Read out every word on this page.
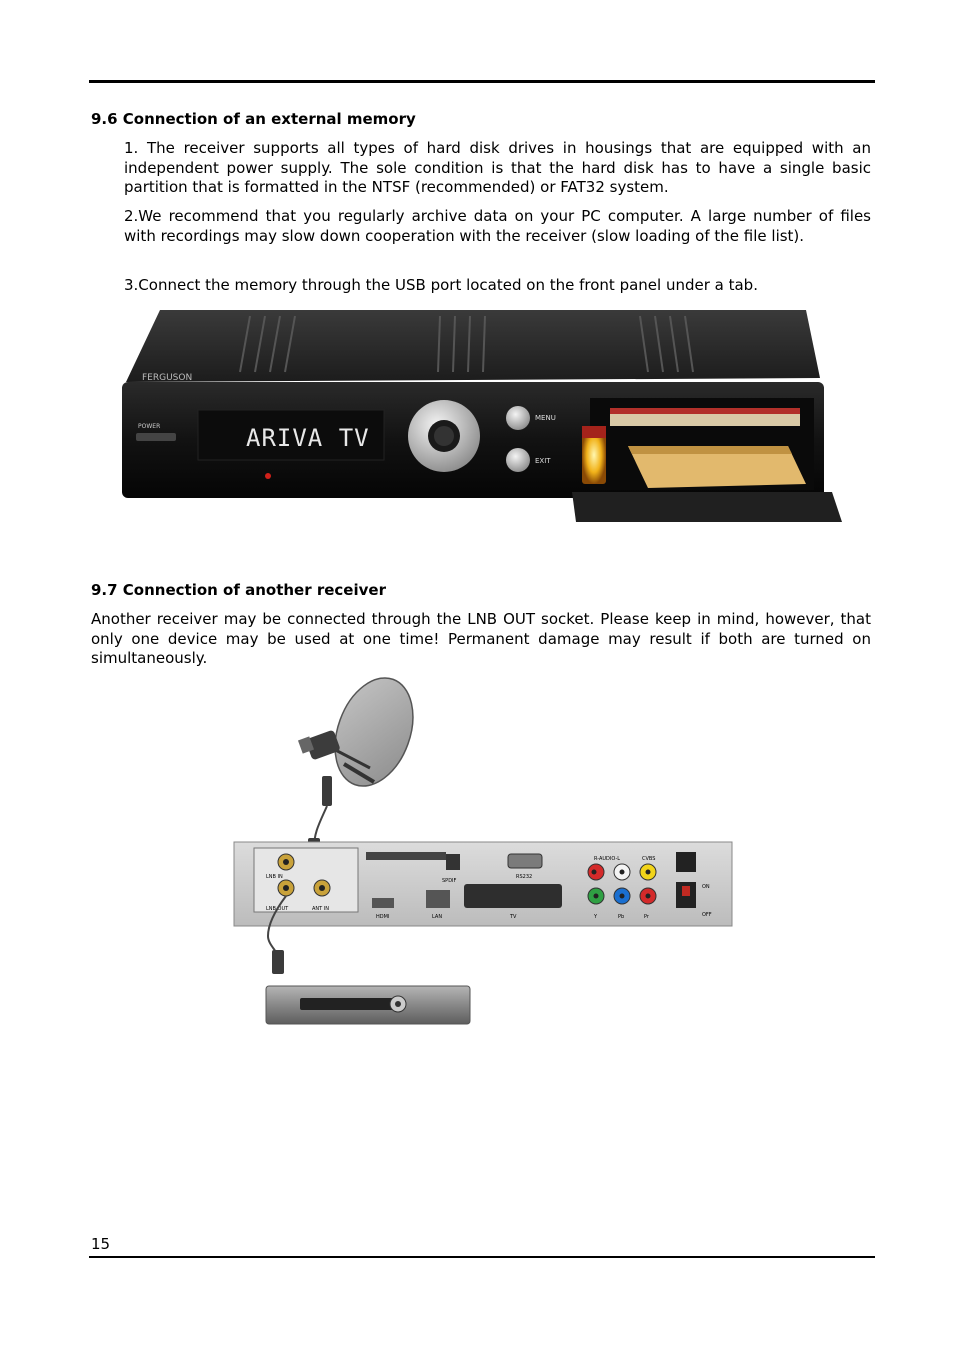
9.6 Connection of an external memory

1. The receiver supports all types of hard disk drives in housings that are equipped with an independent power supply. The sole condition is that the hard disk has to have a single basic partition that is formatted in the NTSF (recommended) or FAT32 system.

2.We recommend that you regularly archive data on your PC computer. A large number of files with recordings may slow down cooperation with the receiver (slow loading of the file list).

3.Connect the memory through the USB port located on the front panel under a tab.

FERGUSON
POWER	ARIVA TV
MENU
EXIT
9.7 Connection of another receiver

Another receiver may be connected through the LNB OUT socket. Please keep in mind, however, that only one device may be used at one time! Permanent damage may result if both are turned on simultaneously.

LNB IN
LNB OUT	ANT IN
SPDIF
RS232
HDMI	LAN	TV
R-AUDIO-L	CVBS
Y	Pb	Pr
ON
OFF
15
